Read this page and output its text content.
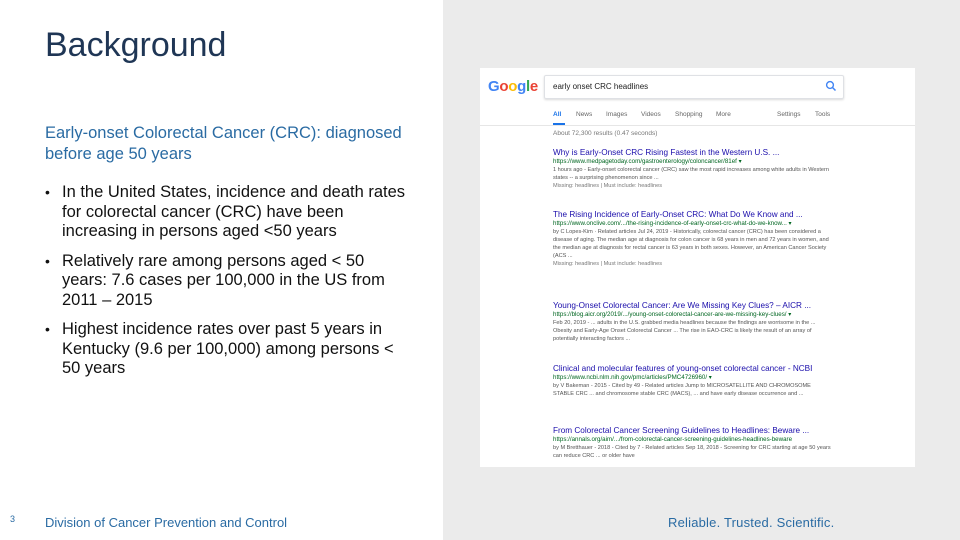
Background
Early-onset Colorectal Cancer (CRC): diagnosed before age 50 years
• In the United States, incidence and death rates for colorectal cancer (CRC) have been increasing in persons aged <50 years
• Relatively rare among persons aged < 50 years: 7.6 cases per 100,000 in the US from 2011 – 2015
• Highest incidence rates over past 5 years in Kentucky (9.6 per 100,000) among persons < 50 years
Google early onset CRC headlines
All News Images Videos Shopping More	Settings Tools
About 72,300 results (0.47 seconds)
Why is Early-Onset CRC Rising Fastest in the Western U.S. ...
https://www.medpagetoday.com/gastroenterology/coloncancer/81ef ▾
1 hours ago - Early-onset colorectal cancer (CRC) saw the most rapid increases among white adults in Western states -- a surprising phenomenon since ...
Missing: headlines | Must include: headlines
The Rising Incidence of Early-Onset CRC: What Do We Know and ...
https://www.onclive.com/.../the-rising-incidence-of-early-onset-crc-what-do-we-know... ▾
by C Lopes-Kim · Related articles Jul 24, 2019 - Historically, colorectal cancer (CRC) has been considered a disease of aging. The median age at diagnosis for colon cancer is 68 years in men and 72 years in women, and the median age at diagnosis for rectal cancer is 63 years in both sexes. However, an American Cancer Society (ACS ...
Missing: headlines | Must include: headlines
Young-Onset Colorectal Cancer: Are We Missing Key Clues? – AICR ...
https://blog.aicr.org/2019/.../young-onset-colorectal-cancer-are-we-missing-key-clues/ ▾
Feb 20, 2019 - ... adults in the U.S. grabbed media headlines because the findings are worrisome in the ... Obesity and Early-Age Onset Colorectal Cancer ... The rise in EAO-CRC is likely the result of an array of potentially interacting factors ...
Clinical and molecular features of young-onset colorectal cancer - NCBI
https://www.ncbi.nlm.nih.gov/pmc/articles/PMC4726960/ ▾
by V Bakeman - 2015 - Cited by 49 - Related articles Jump to MICROSATELLITE AND CHROMOSOME STABLE CRC ... and chromosome stable CRC (MACS), ... and have early disease occurrence and ...
From Colorectal Cancer Screening Guidelines to Headlines: Beware ...
https://annals.org/aim/.../from-colorectal-cancer-screening-guidelines-headlines-beware
by M Bretthauer - 2018 - Cited by 7 - Related articles Sep 18, 2018 - Screening for CRC starting at age 50 years can reduce CRC ... or older have
3 Division of Cancer Prevention and Control	Reliable. Trusted. Scientific.
